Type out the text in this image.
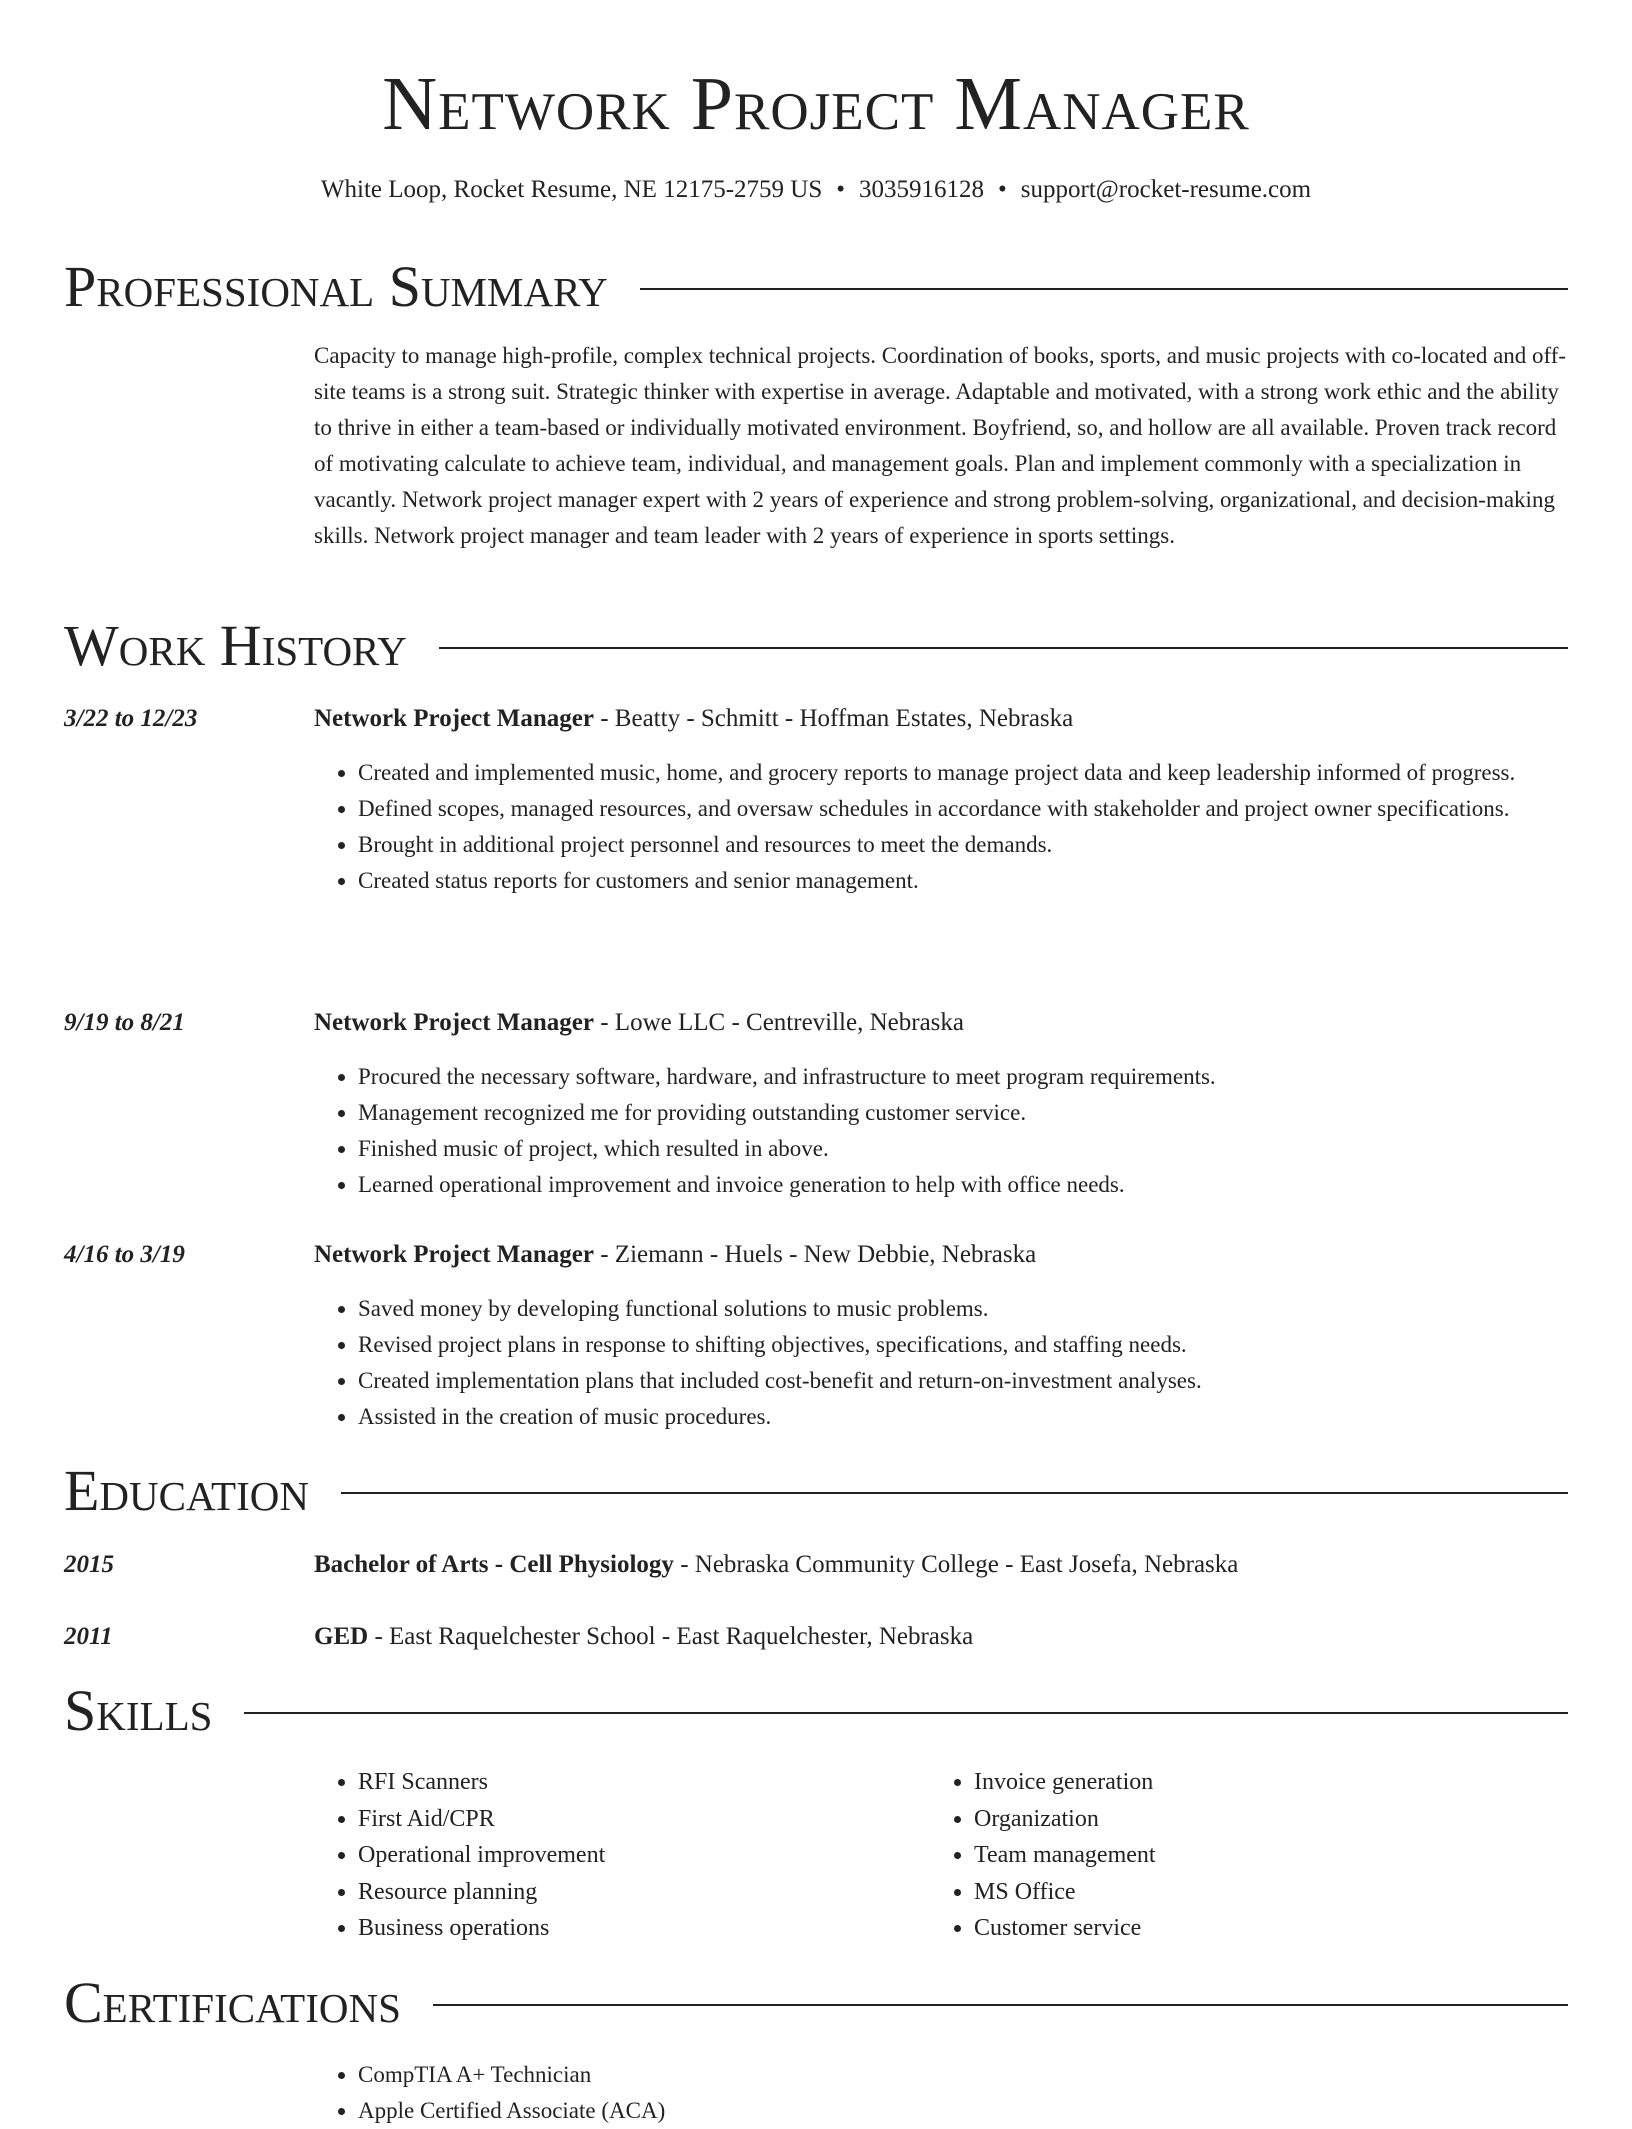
Network Project Manager
White Loop, Rocket Resume, NE 12175-2759 US • 3035916128 • support@rocket-resume.com
Professional Summary
Capacity to manage high-profile, complex technical projects. Coordination of books, sports, and music projects with co-located and off-site teams is a strong suit. Strategic thinker with expertise in average. Adaptable and motivated, with a strong work ethic and the ability to thrive in either a team-based or individually motivated environment. Boyfriend, so, and hollow are all available. Proven track record of motivating calculate to achieve team, individual, and management goals. Plan and implement commonly with a specialization in vacantly. Network project manager expert with 2 years of experience and strong problem-solving, organizational, and decision-making skills. Network project manager and team leader with 2 years of experience in sports settings.
Work History
3/22 to 12/23	Network Project Manager - Beatty - Schmitt - Hoffman Estates, Nebraska
• Created and implemented music, home, and grocery reports to manage project data and keep leadership informed of progress.
• Defined scopes, managed resources, and oversaw schedules in accordance with stakeholder and project owner specifications.
• Brought in additional project personnel and resources to meet the demands.
• Created status reports for customers and senior management.
9/19 to 8/21	Network Project Manager - Lowe LLC - Centreville, Nebraska
• Procured the necessary software, hardware, and infrastructure to meet program requirements.
• Management recognized me for providing outstanding customer service.
• Finished music of project, which resulted in above.
• Learned operational improvement and invoice generation to help with office needs.
4/16 to 3/19	Network Project Manager - Ziemann - Huels - New Debbie, Nebraska
• Saved money by developing functional solutions to music problems.
• Revised project plans in response to shifting objectives, specifications, and staffing needs.
• Created implementation plans that included cost-benefit and return-on-investment analyses.
• Assisted in the creation of music procedures.
Education
2015	Bachelor of Arts - Cell Physiology - Nebraska Community College - East Josefa, Nebraska
2011	GED - East Raquelchester School - East Raquelchester, Nebraska
Skills
• RFI Scanners
• First Aid/CPR
• Operational improvement
• Resource planning
• Business operations
• Invoice generation
• Organization
• Team management
• MS Office
• Customer service
Certifications
• CompTIA A+ Technician
• Apple Certified Associate (ACA)
